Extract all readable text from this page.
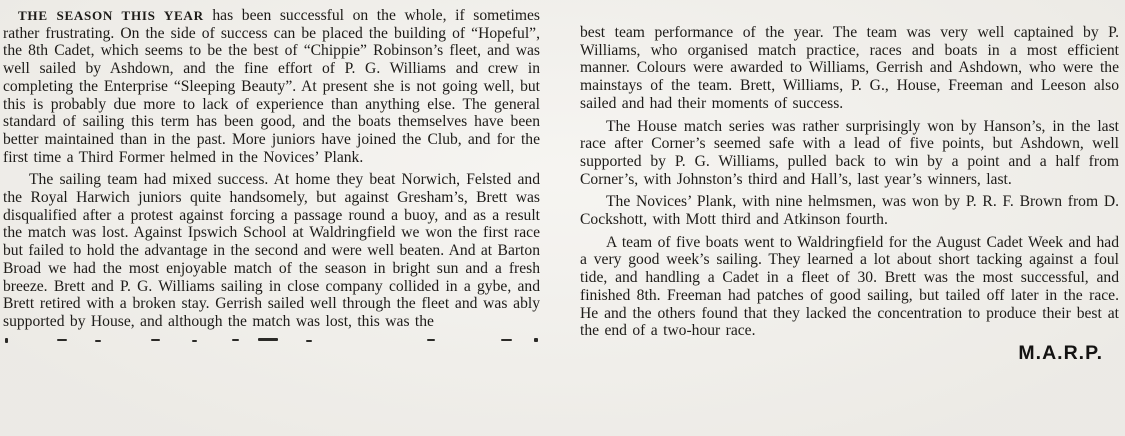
THE SEASON THIS YEAR has been successful on the whole, if sometimes rather frustrating. On the side of success can be placed the building of “Hopeful”, the 8th Cadet, which seems to be the best of “Chippie” Robinson’s fleet, and was well sailed by Ashdown, and the fine effort of P. G. Williams and crew in completing the Enterprise “Sleeping Beauty”. At present she is not going well, but this is probably due more to lack of experience than anything else. The general standard of sailing this term has been good, and the boats themselves have been better maintained than in the past. More juniors have joined the Club, and for the first time a Third Former helmed in the Novices’ Plank.

The sailing team had mixed success. At home they beat Norwich, Felsted and the Royal Harwich juniors quite handsomely, but against Gresham’s, Brett was disqualified after a protest against forcing a passage round a buoy, and as a result the match was lost. Against Ipswich School at Waldringfield we won the first race but failed to hold the advantage in the second and were well beaten. And at Barton Broad we had the most enjoyable match of the season in bright sun and a fresh breeze. Brett and P. G. Williams sailing in close company collided in a gybe, and Brett retired with a broken stay. Gerrish sailed well through the fleet and was ably supported by House, and although the match was lost, this was the

best team performance of the year. The team was very well captained by P. Williams, who organised match practice, races and boats in a most efficient manner. Colours were awarded to Williams, Gerrish and Ashdown, who were the mainstays of the team. Brett, Williams, P. G., House, Freeman and Leeson also sailed and had their moments of success.

The House match series was rather surprisingly won by Hanson’s, in the last race after Corner’s seemed safe with a lead of five points, but Ashdown, well supported by P. G. Williams, pulled back to win by a point and a half from Corner’s, with Johnston’s third and Hall’s, last year’s winners, last.

The Novices’ Plank, with nine helmsmen, was won by P. R. F. Brown from D. Cockshott, with Mott third and Atkinson fourth.

A team of five boats went to Waldringfield for the August Cadet Week and had a very good week’s sailing. They learned a lot about short tacking against a foul tide, and handling a Cadet in a fleet of 30. Brett was the most successful, and finished 8th. Freeman had patches of good sailing, but tailed off later in the race. He and the others found that they lacked the concentration to produce their best at the end of a two-hour race.

M.A.R.P.
